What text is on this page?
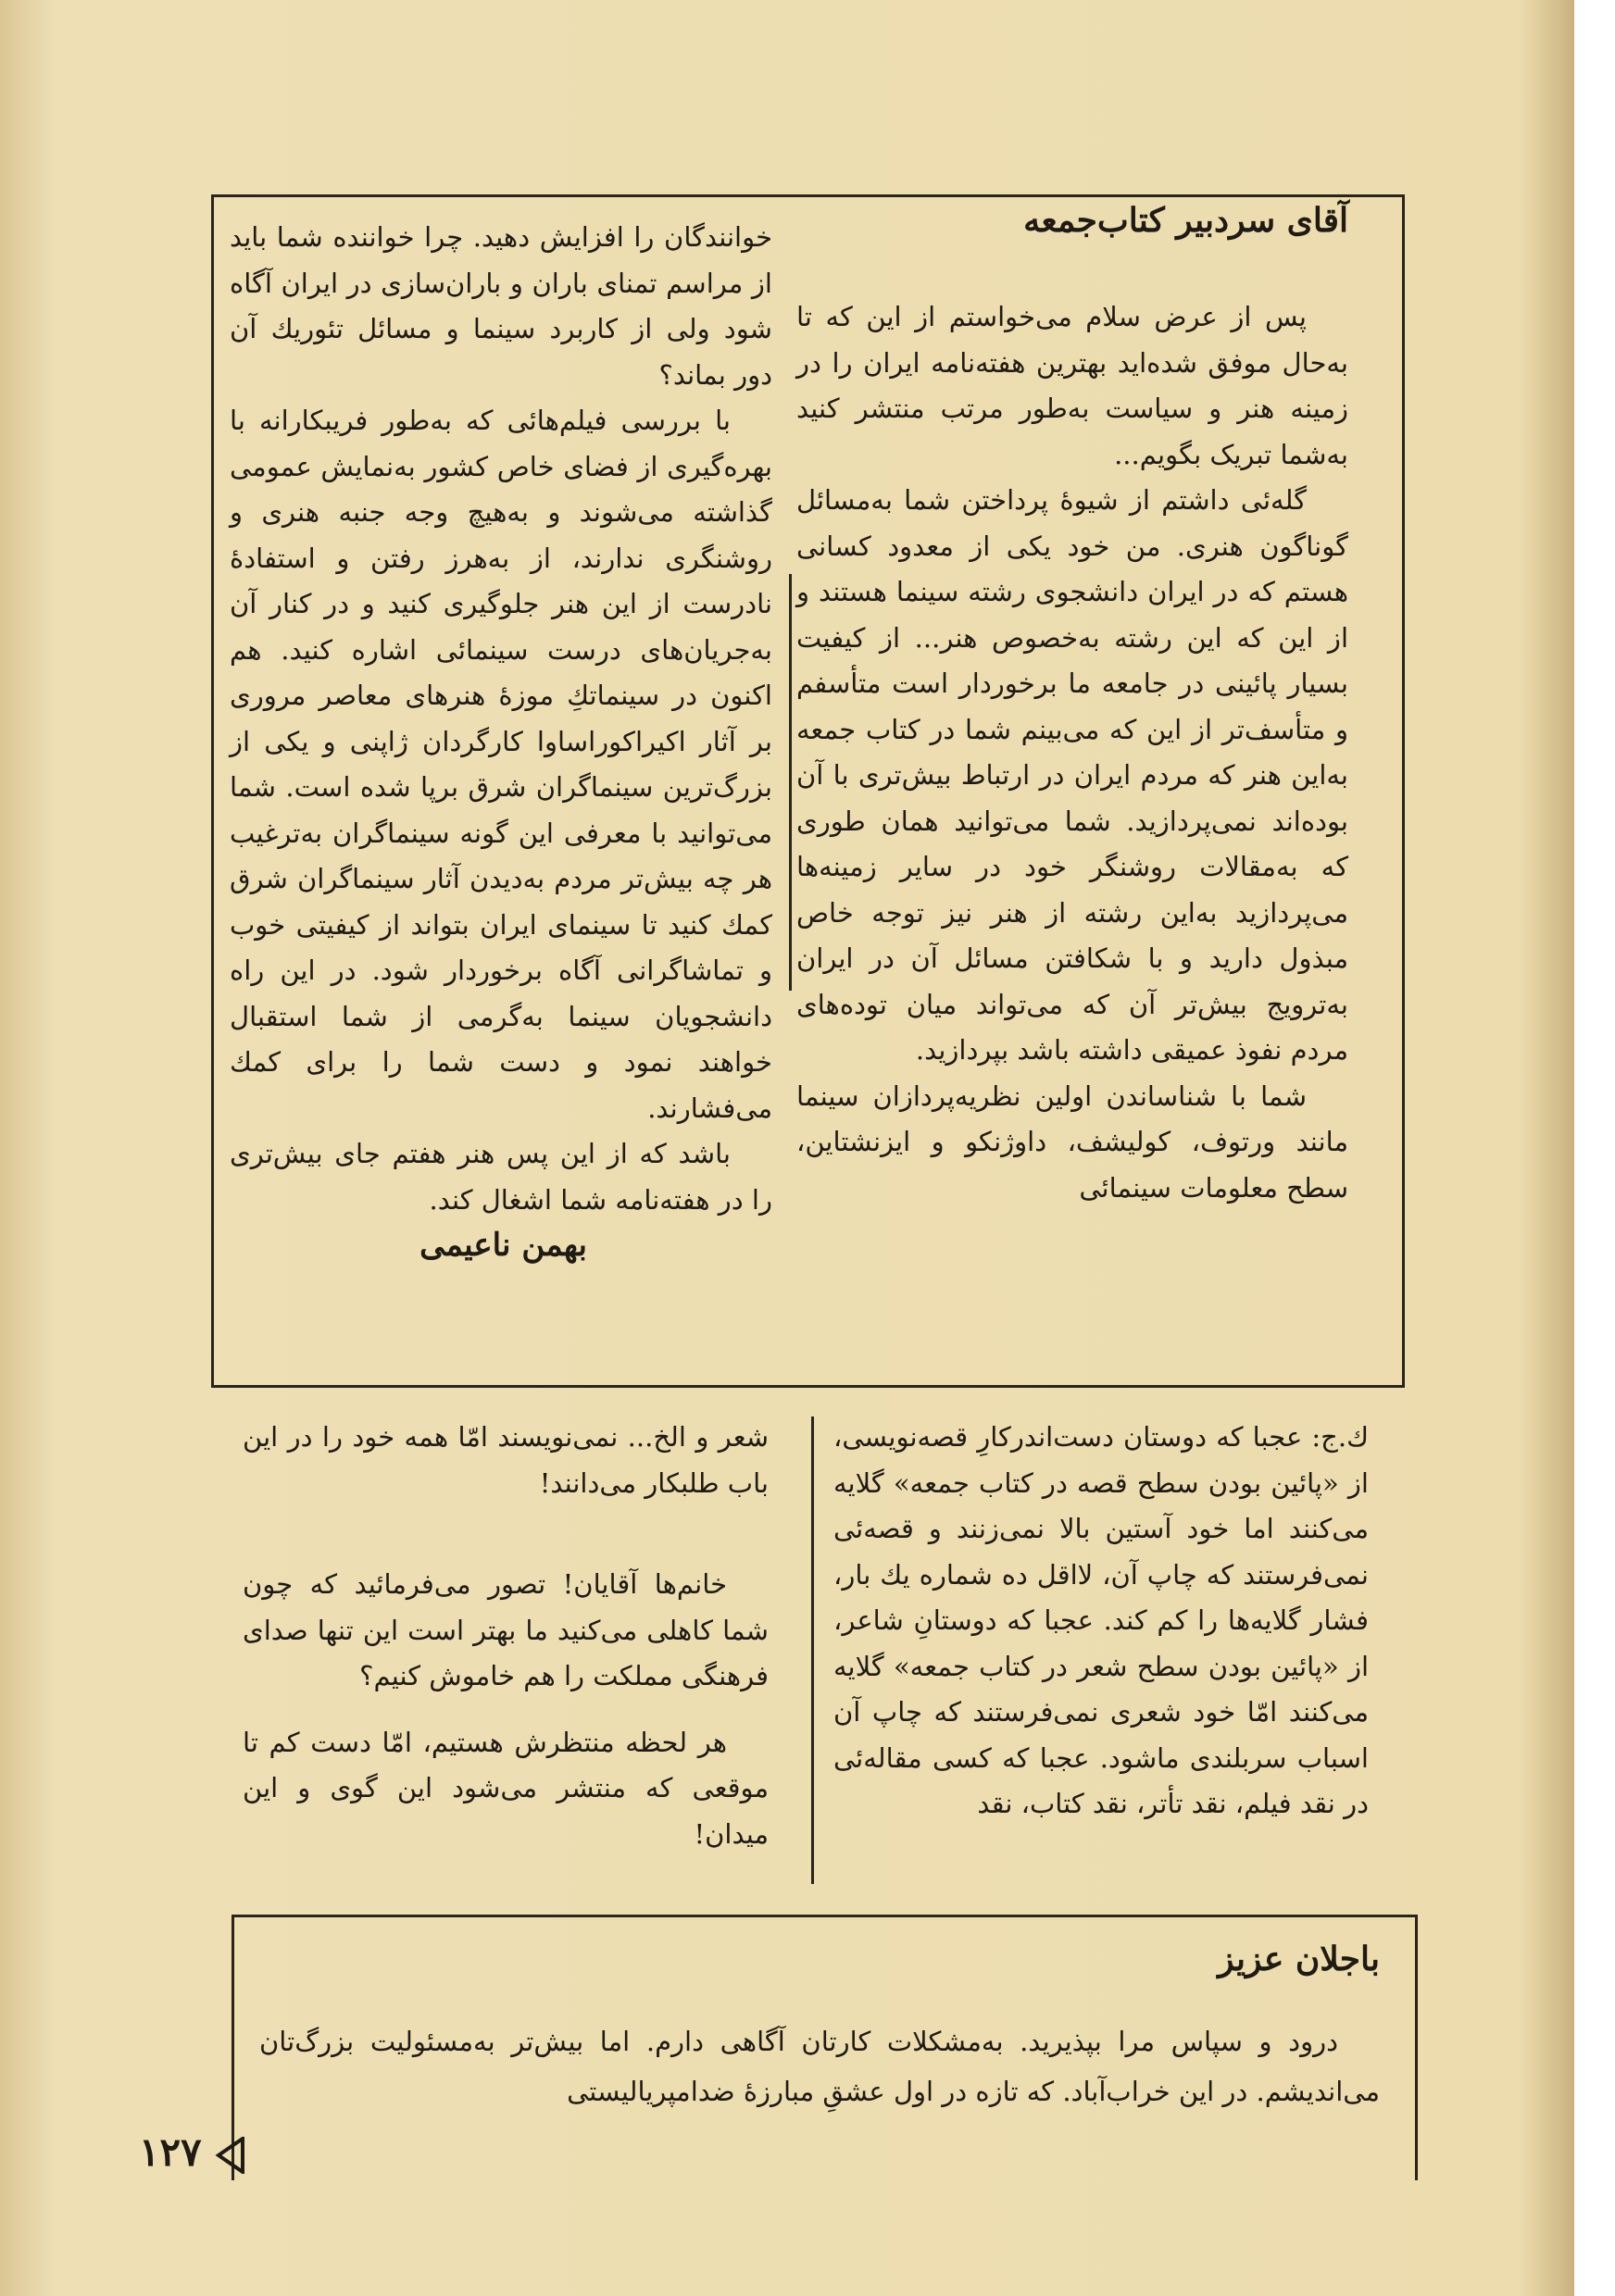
آقای سردبیر کتاب‌جمعه

پس از عرض سلام می‌خواستم از این که تا به‌حال موفق شده‌اید بهترین هفته‌نامه ایران را در زمینه هنر و سیاست به‌طور مرتب منتشر کنید به‌شما تبریک بگویم...

گله‌ئی داشتم از شیوهٔ پرداختن شما به‌مسائل گوناگون هنری. من خود یکی از معدود کسانی هستم که در ایران دانشجوی رشته سینما هستند و از این که این رشته به‌خصوص هنر... از کیفیت بسیار پائینی در جامعه ما برخوردار است متأسفم و متأسف‌تر از این که می‌بینم شما در کتاب جمعه به‌این هنر که مردم ایران در ارتباط بیش‌تری با آن بوده‌اند نمی‌پردازید. شما می‌توانید همان طوری که به‌مقالات روشنگر خود در سایر زمینه‌ها می‌پردازید به‌این رشته از هنر نیز توجه خاص مبذول دارید و با شکافتن مسائل آن در ایران به‌ترویج بیش‌تر آن که می‌تواند میان توده‌های مردم نفوذ عمیقی داشته باشد بپردازید.

شما با شناساندن اولین نظریه‌پردازان سینما مانند ورتوف، کولیشف، داوژنکو و ایزنشتاین، سطح معلومات سینمائی

خوانندگان را افزایش دهید. چرا خواننده شما باید از مراسم تمنای باران و باران‌سازی در ایران آگاه شود ولی از کاربرد سینما و مسائل تئوریك آن دور بماند؟

با بررسی فیلم‌هائی که به‌طور فریبکارانه با بهره‌گیری از فضای خاص کشور به‌نمایش عمومی گذاشته می‌شوند و به‌هیچ وجه جنبه هنری و روشنگری ندارند، از به‌هرز رفتن و استفادهٔ نادرست از این هنر جلوگیری کنید و در کنار آن به‌جریان‌های درست سینمائی اشاره کنید. هم اکنون در سینماتكِ موزهٔ هنرهای معاصر مروری بر آثار اکیراکوراساوا کارگردان ژاپنی و یکی از بزرگ‌ترین سینماگران شرق برپا شده است. شما می‌توانید با معرفی این گونه سینماگران به‌ترغیب هر چه بیش‌تر مردم به‌دیدن آثار سینماگران شرق کمك کنید تا سینمای ایران بتواند از کیفیتی خوب و تماشاگرانی آگاه برخوردار شود. در این راه دانشجویان سینما به‌گرمی از شما استقبال خواهند نمود و دست شما را برای کمك می‌فشارند.

باشد که از این پس هنر هفتم جای بیش‌تری را در هفته‌نامه شما اشغال کند.

بهمن ناعیمی

ك.ج: عجبا که دوستان دست‌اندرکارِ قصه‌نویسی، از «پائین بودن سطح قصه در کتاب جمعه» گلایه می‌کنند اما خود آستین بالا نمی‌زنند و قصه‌ئی نمی‌فرستند که چاپ آن، لااقل ده شماره یك بار، فشار گلایه‌ها را کم کند. عجبا که دوستانِ شاعر، از «پائین بودن سطح شعر در کتاب جمعه» گلایه می‌کنند امّا خود شعری نمی‌فرستند که چاپ آن اسباب سربلندی ماشود. عجبا که کسی مقاله‌ئی در نقد فیلم، نقد تأتر، نقد کتاب، نقد

شعر و الخ... نمی‌نویسند امّا همه خود را در این باب طلبکار می‌دانند!

خانم‌ها آقایان! تصور می‌فرمائید که چون شما کاهلی می‌کنید ما بهتر است این تنها صدای فرهنگی مملکت را هم خاموش کنیم؟

هر لحظه منتظرش هستیم، امّا دست کم تا موقعی که منتشر می‌شود این گوی و این میدان!

باجلان عزیز

درود و سپاس مرا بپذیرید. به‌مشکلات کارتان آگاهی دارم. اما بیش‌تر به‌مسئولیت بزرگ‌تان می‌اندیشم. در این خراب‌آباد. که تازه در اول عشقِ مبارزهٔ ضدامپریالیستی

۱۲۷
